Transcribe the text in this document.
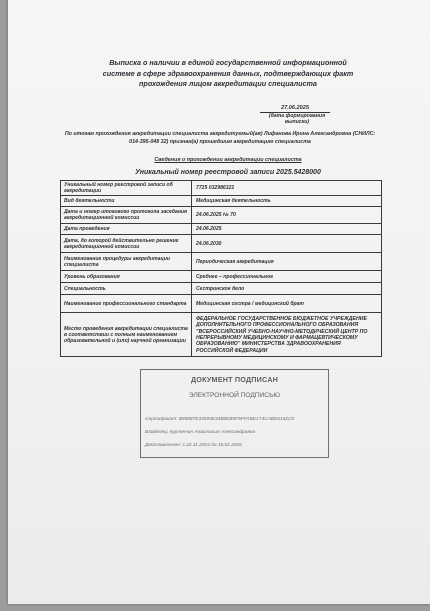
Выписка о наличии в единой государственной информационной
системе в сфере здравоохранения данных, подтверждающих факт
прохождения лицом аккредитации специалиста
27.06.2025
(дата формирования выписки)
По итогам прохождения аккредитации специалиста аккредитуемый(ая) Лифанова Ирина Александровна (СНИЛС:
014-395-048 32) признан(а) прошедшим аккредитацию специалиста
Сведения о прохождении аккредитации специалиста
Уникальный номер реестровой записи 2025.5428000
Уникальный номер реестровой записи об аккредитации	7725 032986321
Вид деятельности	Медицинская деятельность
Дата и номер итогового протокола заседания аккредитационной комиссии	24.06.2025 № 70
Дата проведения	24.06.2025
Дата, до которой действительно решение аккредитационной комиссии	24.06.2030
Наименование процедуры аккредитации специалиста	Периодическая аккредитация
Уровень образования	Среднее – профессиональное
Специальность	Сестринское дело
Наименование профессионального стандарта	Медицинская сестра / медицинский брат
Место проведения аккредитации специалиста в соответствии с полным наименованием образовательной и (или) научной организации	ФЕДЕРАЛЬНОЕ ГОСУДАРСТВЕННОЕ БЮДЖЕТНОЕ УЧРЕЖДЕНИЕ ДОПОЛНИТЕЛЬНОГО ПРОФЕССИОНАЛЬНОГО ОБРАЗОВАНИЯ "ВСЕРОССИЙСКИЙ УЧЕБНО-НАУЧНО-МЕТОДИЧЕСКИЙ ЦЕНТР ПО НЕПРЕРЫВНОМУ МЕДИЦИНСКОМУ И ФАРМАЦЕВТИЧЕСКОМУ ОБРАЗОВАНИЮ" МИНИСТЕРСТВА ЗДРАВООХРАНЕНИЯ РОССИЙСКОЙ ФЕДЕРАЦИИ
ДОКУМЕНТ ПОДПИСАН
ЭЛЕКТРОННОЙ ПОДПИСЬЮ
Сертификат: B90087E33593E34B0EB5F6FFABE1T4CABE6152C0
Владелец: Курленчин Анастасия Александровна
Действителен: с 22.11.2024 до 15.02.2026
